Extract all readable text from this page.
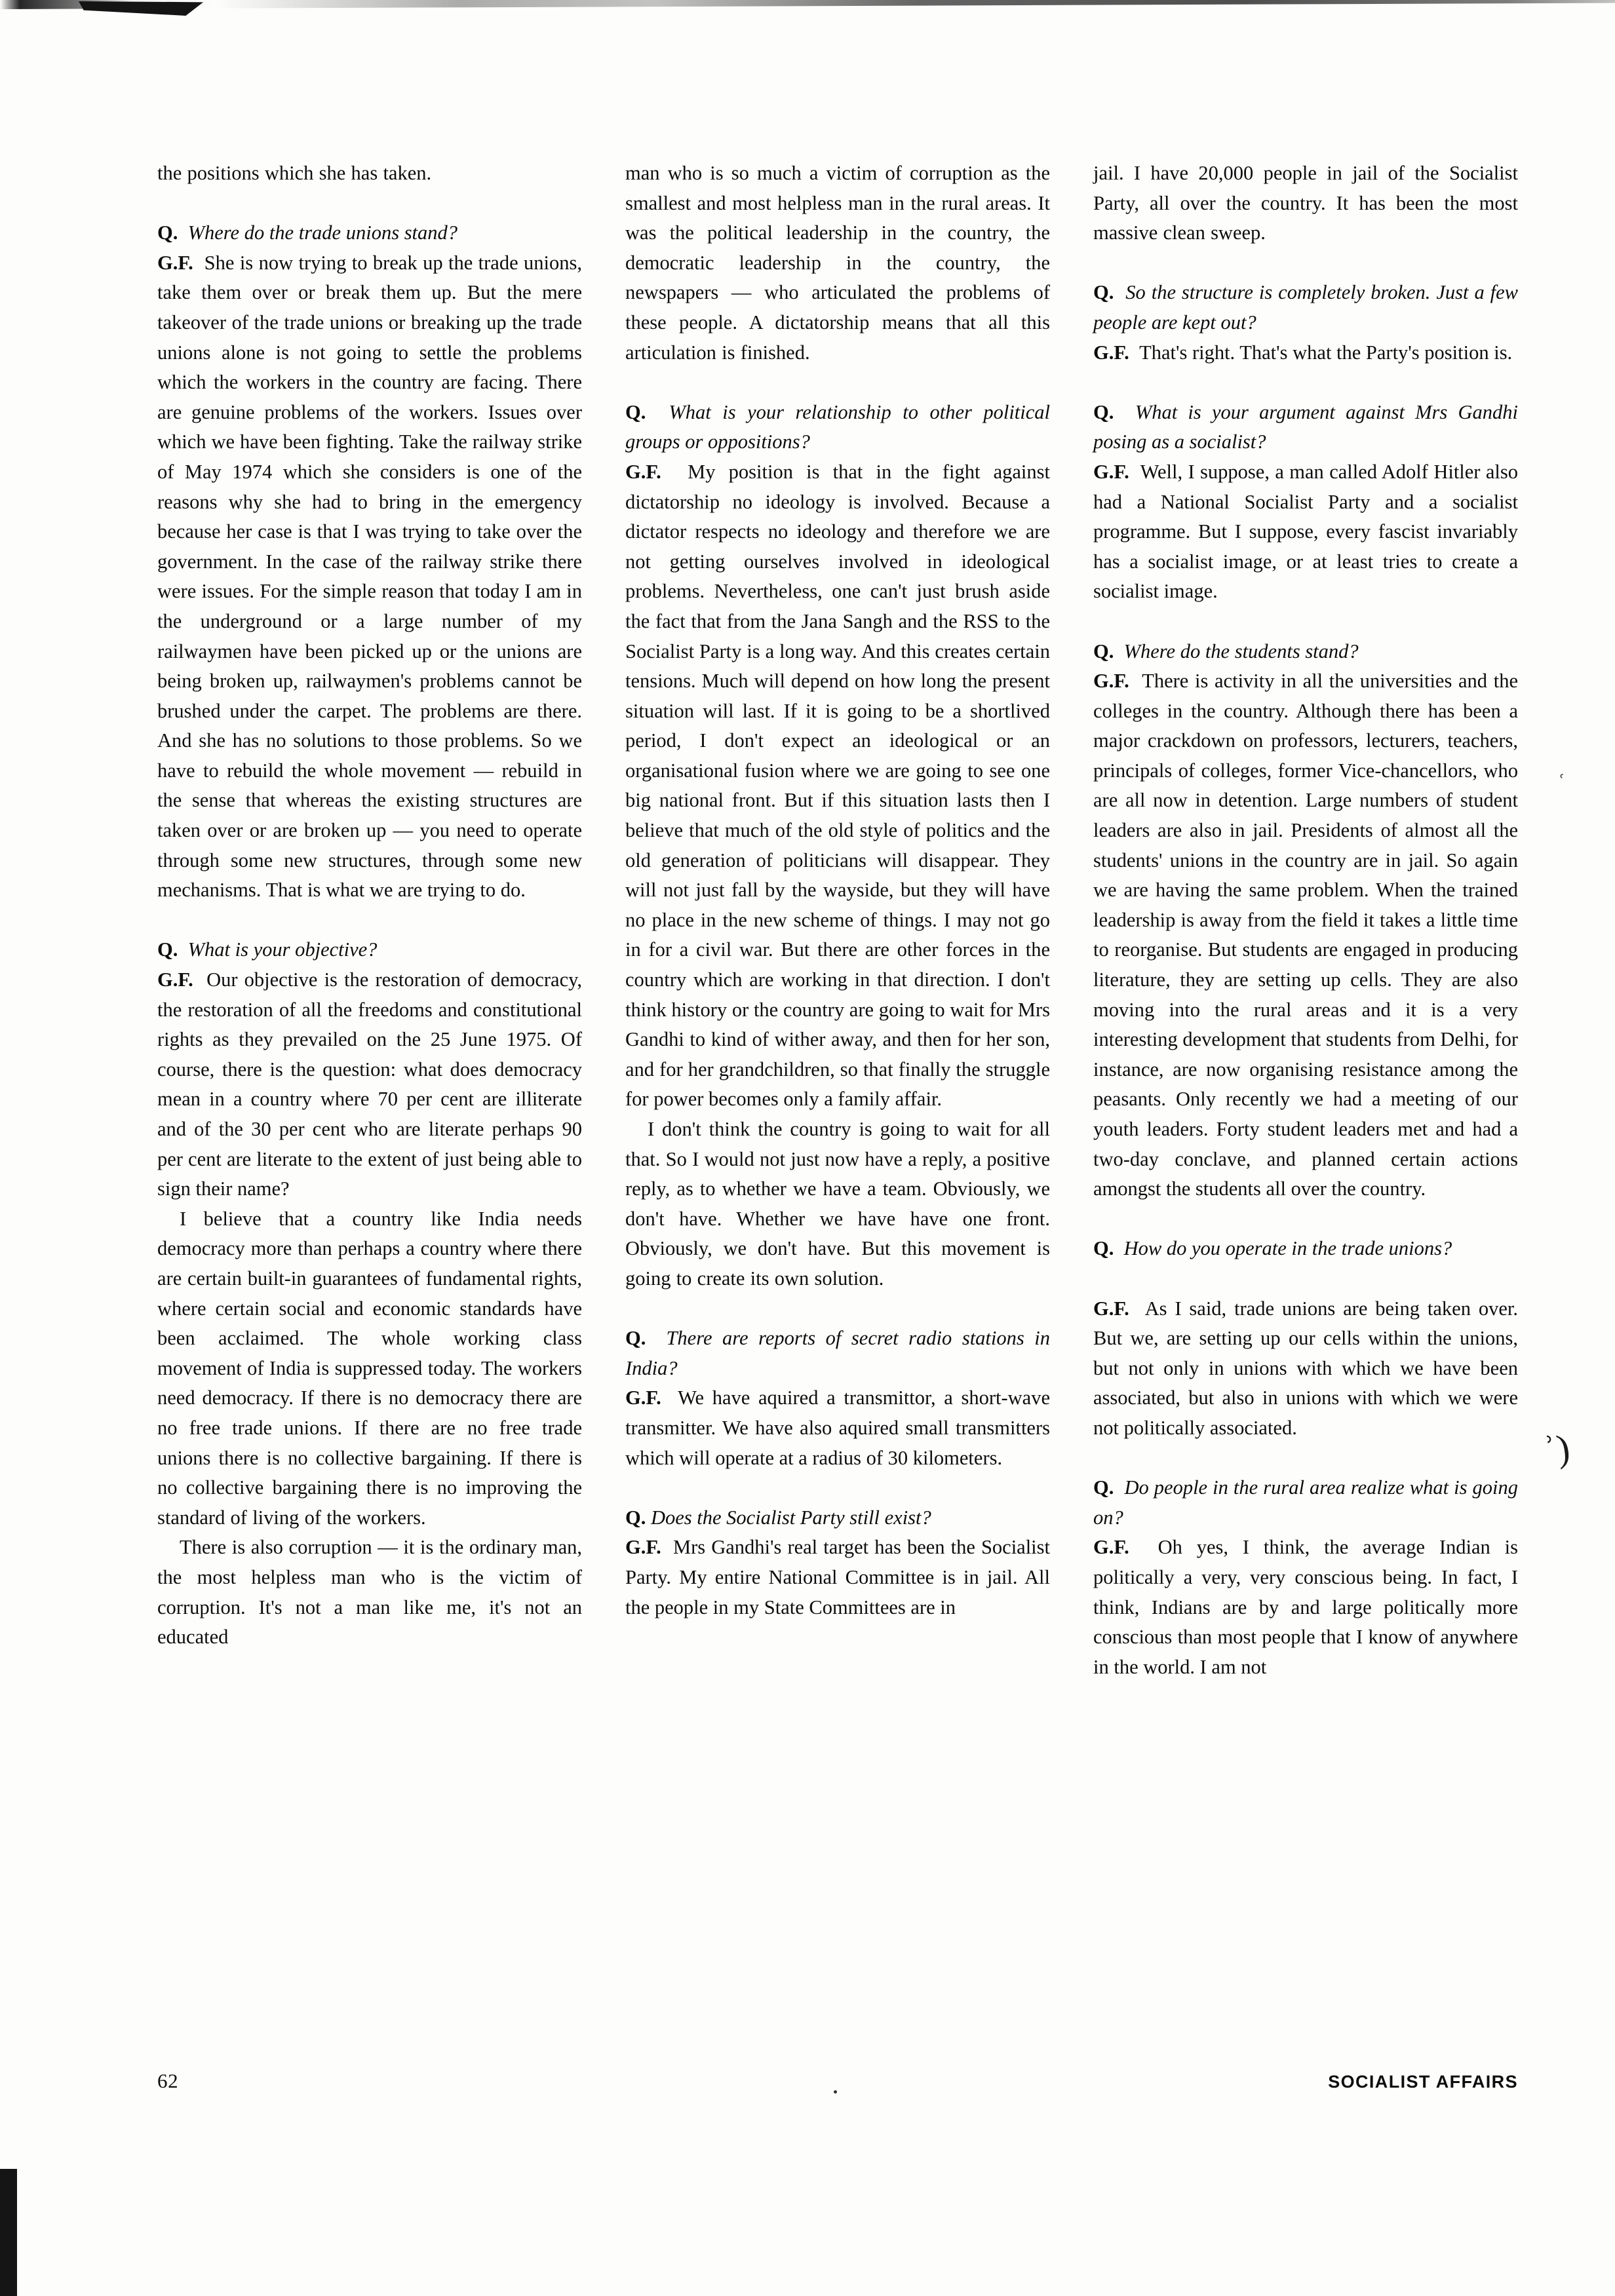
ʿ
ʾ)

the positions which she has taken.

Q. Where do the trade unions stand?

G.F. She is now trying to break up the trade unions, take them over or break them up. But the mere takeover of the trade unions or breaking up the trade unions alone is not going to settle the problems which the workers in the country are facing. There are genuine problems of the workers. Issues over which we have been fighting. Take the railway strike of May 1974 which she considers is one of the reasons why she had to bring in the emergency because her case is that I was trying to take over the government. In the case of the railway strike there were issues. For the simple reason that today I am in the underground or a large number of my railwaymen have been picked up or the unions are being broken up, railwaymen's problems cannot be brushed under the carpet. The problems are there. And she has no solutions to those problems. So we have to rebuild the whole movement — rebuild in the sense that whereas the existing structures are taken over or are broken up — you need to operate through some new structures, through some new mechanisms. That is what we are trying to do.

Q. What is your objective?

G.F. Our objective is the restoration of democracy, the restoration of all the freedoms and constitutional rights as they prevailed on the 25 June 1975. Of course, there is the question: what does democracy mean in a country where 70 per cent are illiterate and of the 30 per cent who are literate perhaps 90 per cent are literate to the extent of just being able to sign their name?

I believe that a country like India needs democracy more than perhaps a country where there are certain built-in guarantees of fundamental rights, where certain social and economic standards have been acclaimed. The whole working class movement of India is suppressed today. The workers need democracy. If there is no democracy there are no free trade unions. If there are no free trade unions there is no collective bargaining. If there is no collective bargaining there is no improving the standard of living of the workers.

There is also corruption — it is the ordinary man, the most helpless man who is the victim of corruption. It's not a man like me, it's not an educated

man who is so much a victim of corruption as the smallest and most helpless man in the rural areas. It was the political leadership in the country, the democratic leadership in the country, the newspapers — who articulated the problems of these people. A dictatorship means that all this articulation is finished.

Q. What is your relationship to other political groups or oppositions?

G.F. My position is that in the fight against dictatorship no ideology is involved. Because a dictator respects no ideology and therefore we are not getting ourselves involved in ideological problems. Nevertheless, one can't just brush aside the fact that from the Jana Sangh and the RSS to the Socialist Party is a long way. And this creates certain tensions. Much will depend on how long the present situation will last. If it is going to be a shortlived period, I don't expect an ideological or an organisational fusion where we are going to see one big national front. But if this situation lasts then I believe that much of the old style of politics and the old generation of politicians will disappear. They will not just fall by the wayside, but they will have no place in the new scheme of things. I may not go in for a civil war. But there are other forces in the country which are working in that direction. I don't think history or the country are going to wait for Mrs Gandhi to kind of wither away, and then for her son, and for her grandchildren, so that finally the struggle for power becomes only a family affair.

I don't think the country is going to wait for all that. So I would not just now have a reply, a positive reply, as to whether we have a team. Obviously, we don't have. Whether we have have one front. Obviously, we don't have. But this movement is going to create its own solution.

Q. There are reports of secret radio stations in India?

G.F. We have aquired a transmittor, a short-wave transmitter. We have also aquired small transmitters which will operate at a radius of 30 kilometers.

Q. Does the Socialist Party still exist?

G.F. Mrs Gandhi's real target has been the Socialist Party. My entire National Committee is in jail. All the people in my State Committees are in

jail. I have 20,000 people in jail of the Socialist Party, all over the country. It has been the most massive clean sweep.

Q. So the structure is completely broken. Just a few people are kept out?

G.F. That's right. That's what the Party's position is.

Q. What is your argument against Mrs Gandhi posing as a socialist?

G.F. Well, I suppose, a man called Adolf Hitler also had a National Socialist Party and a socialist programme. But I suppose, every fascist invariably has a socialist image, or at least tries to create a socialist image.

Q. Where do the students stand?

G.F. There is activity in all the universities and the colleges in the country. Although there has been a major crackdown on professors, lecturers, teachers, principals of colleges, former Vice-chancellors, who are all now in detention. Large numbers of student leaders are also in jail. Presidents of almost all the students' unions in the country are in jail. So again we are having the same problem. When the trained leadership is away from the field it takes a little time to reorganise. But students are engaged in producing literature, they are setting up cells. They are also moving into the rural areas and it is a very interesting development that students from Delhi, for instance, are now organising resistance among the peasants. Only recently we had a meeting of our youth leaders. Forty student leaders met and had a two-day conclave, and planned certain actions amongst the students all over the country.

Q. How do you operate in the trade unions?

G.F. As I said, trade unions are being taken over. But we, are setting up our cells within the unions, but not only in unions with which we have been associated, but also in unions with which we were not politically associated.

Q. Do people in the rural area realize what is going on?

G.F. Oh yes, I think, the average Indian is politically a very, very conscious being. In fact, I think, Indians are by and large politically more conscious than most people that I know of anywhere in the world. I am not

62	SOCIALIST AFFAIRS
